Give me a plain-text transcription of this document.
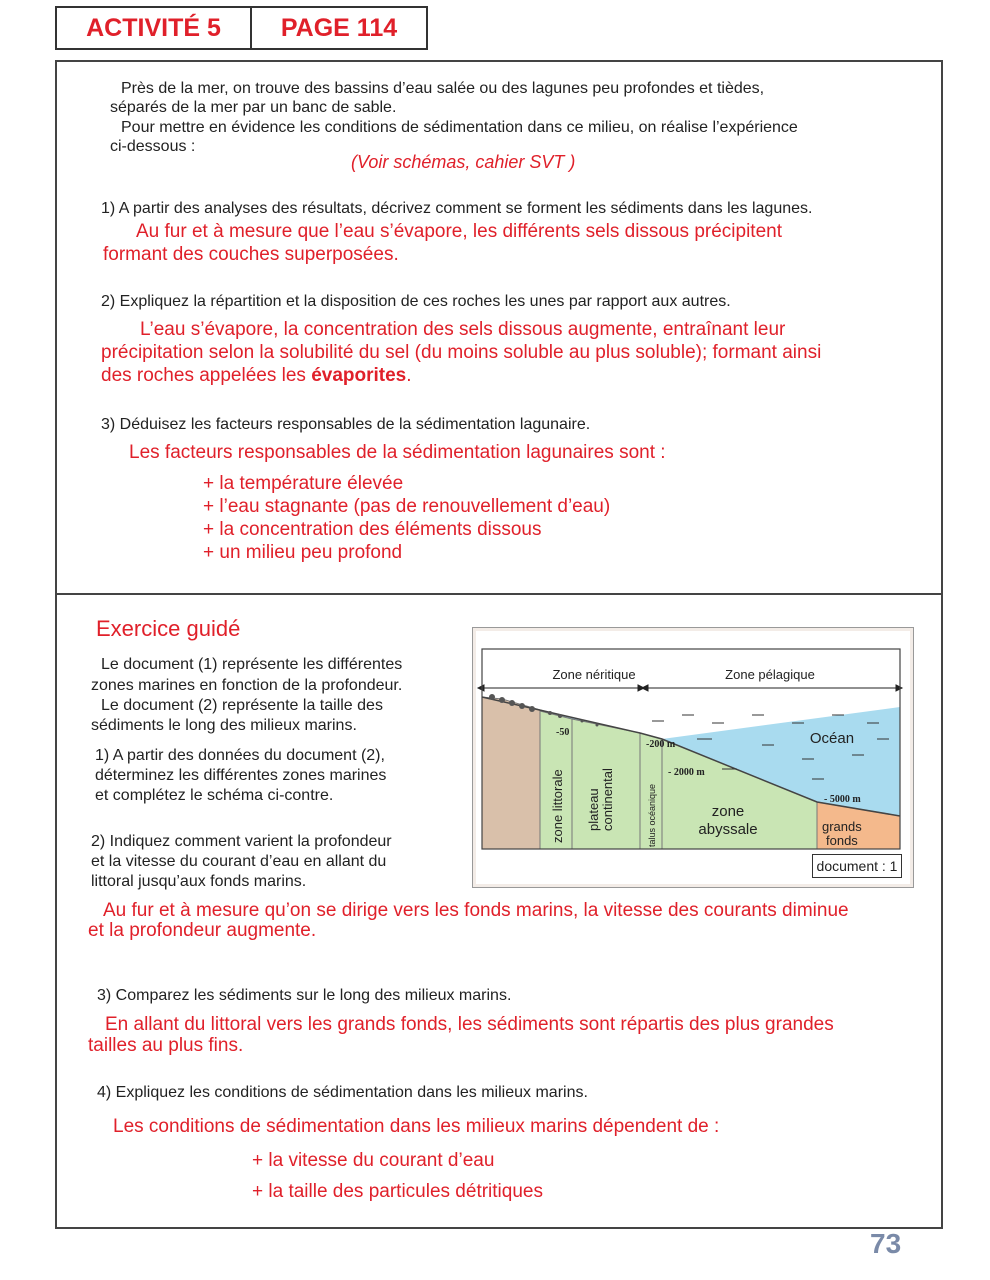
ACTIVITÉ 5	PAGE 114
Près de la mer, on trouve des bassins d’eau salée ou des lagunes peu profondes et tièdes,
séparés de la mer par un banc de sable.
Pour mettre en évidence les conditions de sédimentation dans ce milieu, on réalise l’expérience
ci-dessous :
(Voir schémas, cahier SVT )
1) A partir des analyses des résultats, décrivez comment se forment les sédiments dans les lagunes.
Au fur et à mesure que l’eau s’évapore, les différents sels dissous précipitent
formant des couches superposées.
2) Expliquez la répartition et la disposition de ces roches les unes par rapport aux autres.
L’eau s’évapore, la concentration des sels dissous augmente, entraînant leur
précipitation selon la solubilité du sel (du moins soluble au plus soluble); formant ainsi
des roches appelées les évaporites.
3) Déduisez les facteurs responsables de la sédimentation lagunaire.
Les facteurs responsables de la sédimentation lagunaires sont :
+ la température élevée
+ l’eau stagnante (pas de renouvellement d’eau)
+ la concentration des éléments dissous
+ un milieu peu profond
Exercice guidé
Le document (1) représente les différentes
zones marines en fonction de la profondeur.
Le document (2) représente la taille des
sédiments le long des milieux marins.
1) A partir des données du document (2),
déterminez les différentes zones marines
et complétez le schéma ci-contre.
2) Indiquez comment varient la profondeur
et la vitesse du courant d’eau en allant du
littoral jusqu’aux fonds marins.
Au fur et à mesure qu’on se dirige vers les fonds marins, la vitesse des courants diminue
et la profondeur augmente.
3) Comparez les sédiments sur le long des milieux marins.
En allant du littoral vers les grands fonds, les sédiments sont répartis des plus grandes
tailles au plus fins.
4) Expliquez les conditions de sédimentation dans les milieux marins.
Les conditions de sédimentation dans les milieux marins dépendent de :
+ la vitesse du courant d’eau
+ la taille des particules détritiques
Zone néritique	Zone pélagique
Océan
-50
-200 m
- 2000 m
- 5000 m
zone littorale plateau continental	talus océanique	zone
abyssale	grands
fonds
document : 1
73
